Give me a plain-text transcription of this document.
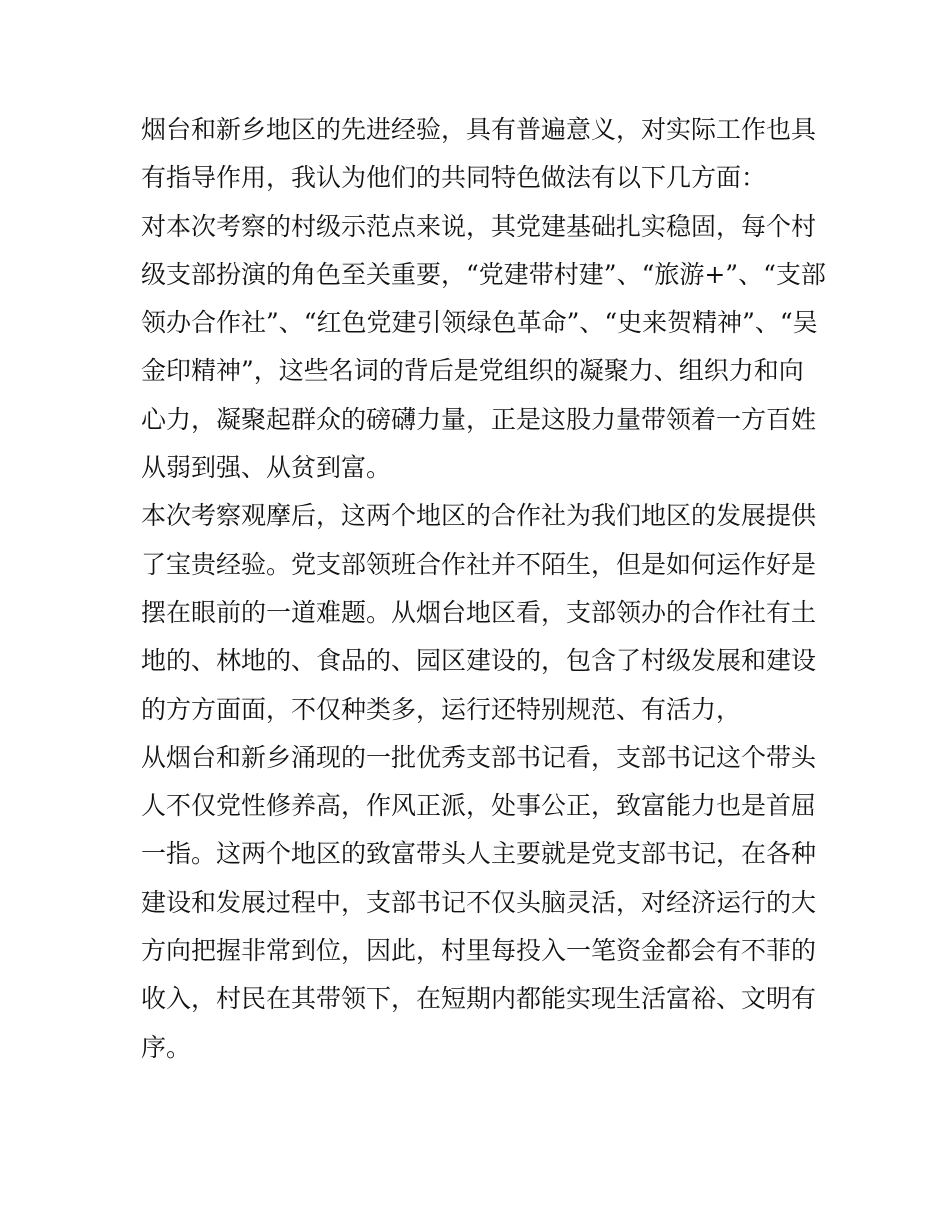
烟台和新乡地区的先进经验，具有普遍意义，对实际工作也具
有指导作用，我认为他们的共同特色做法有以下几方面：
对本次考察的村级示范点来说，其党建基础扎实稳固，每个村
级支部扮演的角色至关重要，“党建带村建”、“旅游+”、“支部
领办合作社”、“红色党建引领绿色革命”、“史来贺精神”、“吴
金印精神”，这些名词的背后是党组织的凝聚力、组织力和向
心力，凝聚起群众的磅礴力量，正是这股力量带领着一方百姓
从弱到强、从贫到富。
本次考察观摩后，这两个地区的合作社为我们地区的发展提供
了宝贵经验。党支部领班合作社并不陌生，但是如何运作好是
摆在眼前的一道难题。从烟台地区看，支部领办的合作社有土
地的、林地的、食品的、园区建设的，包含了村级发展和建设
的方方面面，不仅种类多，运行还特别规范、有活力，
从烟台和新乡涌现的一批优秀支部书记看，支部书记这个带头
人不仅党性修养高，作风正派，处事公正，致富能力也是首屈
一指。这两个地区的致富带头人主要就是党支部书记，在各种
建设和发展过程中，支部书记不仅头脑灵活，对经济运行的大
方向把握非常到位，因此，村里每投入一笔资金都会有不菲的
收入，村民在其带领下，在短期内都能实现生活富裕、文明有
序。
